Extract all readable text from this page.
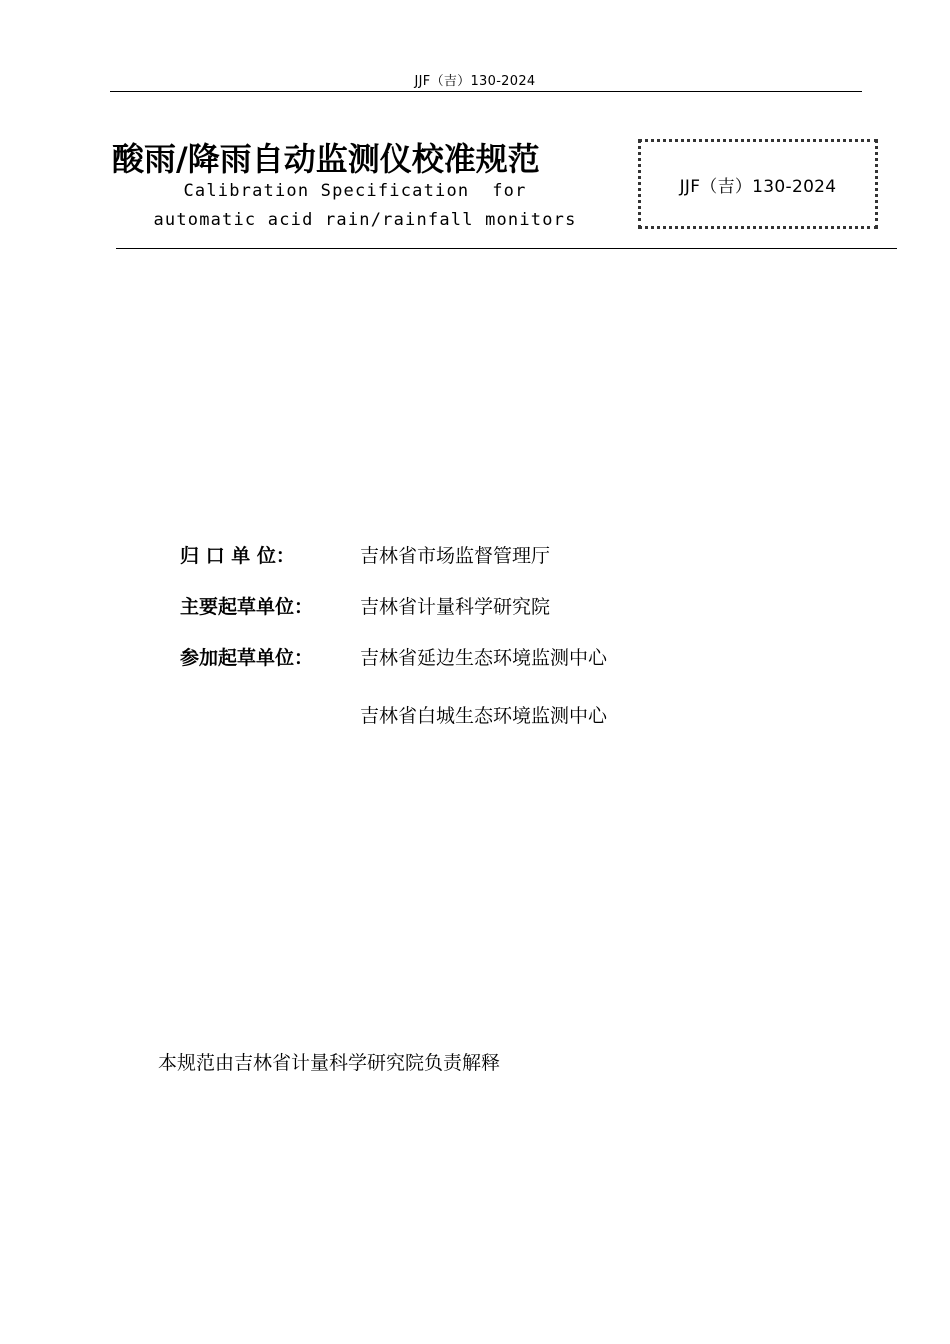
JJF（吉）130-2024
酸雨/降雨自动监测仪校准规范
Calibration Specification  for
automatic acid rain/rainfall monitors
JJF（吉）130-2024
归 口 单 位：	吉林省市场监督管理厅
主要起草单位： 吉林省计量科学研究院
参加起草单位： 吉林省延边生态环境监测中心
吉林省白城生态环境监测中心
本规范由吉林省计量科学研究院负责解释
